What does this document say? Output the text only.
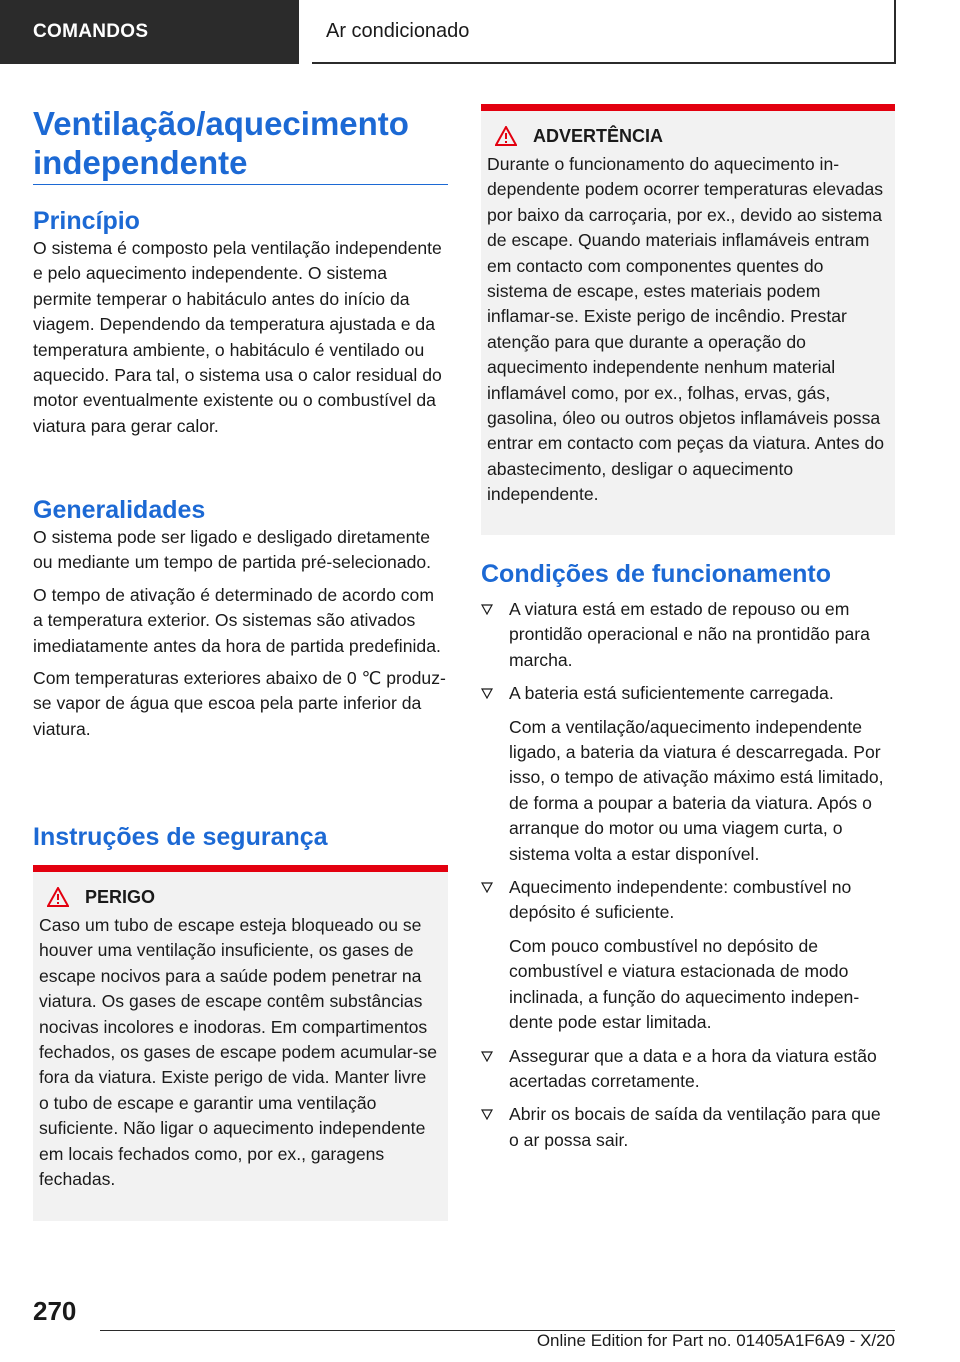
COMANDOS	Ar condicionado
Ventilação/aquecimento independente
Princípio

O sistema é composto pela ventilação independente e pelo aquecimento independente. O sistema permite temperar o habitáculo antes do início da viagem. Dependendo da temperatura ajustada e da temperatura ambiente, o habitáculo é ventilado ou aquecido. Para tal, o sistema usa o calor residual do motor eventualmente existente ou o combustível da viatura para gerar calor.

Generalidades

O sistema pode ser ligado e desligado diretamente ou mediante um tempo de partida pré-selecionado.

O tempo de ativação é determinado de acordo com a temperatura exterior. Os sistemas são ativados imediatamente antes da hora de partida predefinida.

Com temperaturas exteriores abaixo de 0 ℃ produz-se vapor de água que escoa pela parte inferior da viatura.

Instruções de segurança
PERIGO

Caso um tubo de escape esteja bloqueado ou se houver uma ventilação insuficiente, os gases de escape nocivos para a saúde podem penetrar na viatura. Os gases de escape contêm substâncias nocivas incolores e inodoras. Em compartimentos fechados, os gases de escape podem acumular-se fora da viatura. Existe perigo de vida. Manter livre o tubo de escape e garantir uma ventilação suficiente. Não ligar o aquecimento independente em locais fechados como, por ex., garagens fechadas.

ADVERTÊNCIA

Durante o funcionamento do aquecimento independente podem ocorrer temperaturas elevadas por baixo da carroçaria, por ex., devido ao sistema de escape. Quando materiais inflamáveis entram em contacto com componentes quentes do sistema de escape, estes materiais podem inflamar-se. Existe perigo de incêndio. Prestar atenção para que durante a operação do aquecimento independente nenhum material inflamável como, por ex., folhas, ervas, gás, gasolina, óleo ou outros objetos inflamáveis possa entrar em contacto com peças da viatura. Antes do abastecimento, desligar o aquecimento independente.

Condições de funcionamento

A viatura está em estado de repouso ou em prontidão operacional e não na prontidão para marcha.

A bateria está suficientemente carregada.

Com a ventilação/aquecimento independente ligado, a bateria da viatura é descarregada. Por isso, o tempo de ativação máximo está limitado, de forma a poupar a bateria da viatura. Após o arranque do motor ou uma viagem curta, o sistema volta a estar disponível.

Aquecimento independente: combustível no depósito é suficiente.

Com pouco combustível no depósito de combustível e viatura estacionada de modo inclinada, a função do aquecimento independente pode estar limitada.

Assegurar que a data e a hora da viatura estão acertadas corretamente.

Abrir os bocais de saída da ventilação para que o ar possa sair.

270
Online Edition for Part no. 01405A1F6A9 - X/20
